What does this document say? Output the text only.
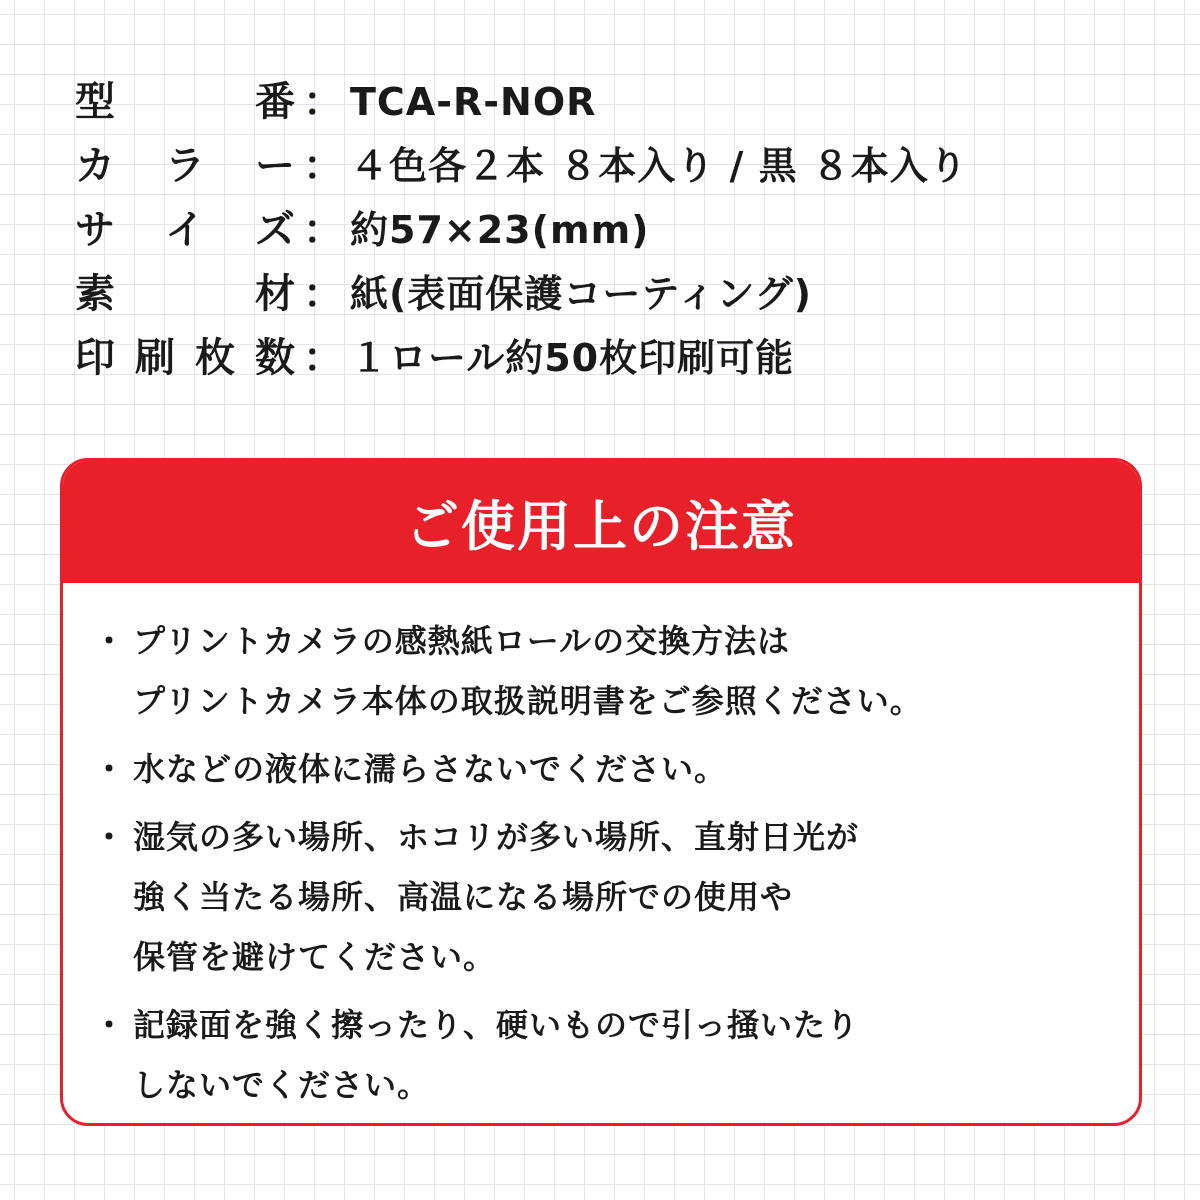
型	番 ： TCA-R-NOR
カ ラ ー ： ４色各２本 ８本入り / 黒 ８本入り
サ イ ズ ： 約57×23(mm)
素	材 ： 紙(表面保護コーティング)
印 刷 枚 数 ： １ロール約50枚印刷可能
ご使用上の注意
・ プリントカメラの感熱紙ロールの交換方法は
プリントカメラ本体の取扱説明書をご参照ください。
・ 水などの液体に濡らさないでください。
・ 湿気の多い場所、ホコリが多い場所、直射日光が
強く当たる場所、高温になる場所での使用や
保管を避けてください。
・ 記録面を強く擦ったり、硬いもので引っ掻いたり
しないでください。
